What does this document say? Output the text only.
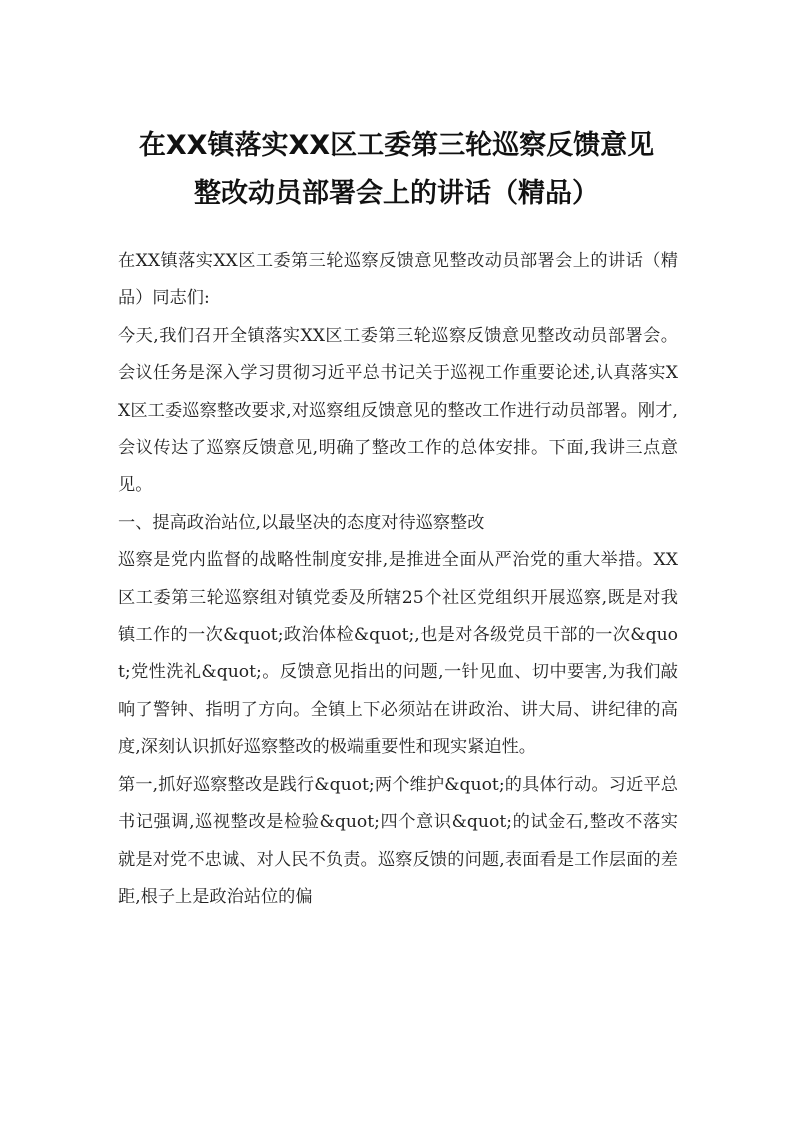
在XX镇落实XX区工委第三轮巡察反馈意见
整改动员部署会上的讲话（精品）

在XX镇落实XX区工委第三轮巡察反馈意见整改动员部署会上的讲话（精品）同志们:

今天,我们召开全镇落实XX区工委第三轮巡察反馈意见整改动员部署会。会议任务是深入学习贯彻习近平总书记关于巡视工作重要论述,认真落实XX区工委巡察整改要求,对巡察组反馈意见的整改工作进行动员部署。刚才,会议传达了巡察反馈意见,明确了整改工作的总体安排。下面,我讲三点意见。

一、提高政治站位,以最坚决的态度对待巡察整改

巡察是党内监督的战略性制度安排,是推进全面从严治党的重大举措。XX区工委第三轮巡察组对镇党委及所辖25个社区党组织开展巡察,既是对我镇工作的一次&quot;政治体检&quot;,也是对各级党员干部的一次&quot;党性洗礼&quot;。反馈意见指出的问题,一针见血、切中要害,为我们敲响了警钟、指明了方向。全镇上下必须站在讲政治、讲大局、讲纪律的高度,深刻认识抓好巡察整改的极端重要性和现实紧迫性。

第一,抓好巡察整改是践行&quot;两个维护&quot;的具体行动。习近平总书记强调,巡视整改是检验&quot;四个意识&quot;的试金石,整改不落实就是对党不忠诚、对人民不负责。巡察反馈的问题,表面看是工作层面的差距,根子上是政治站位的偏
